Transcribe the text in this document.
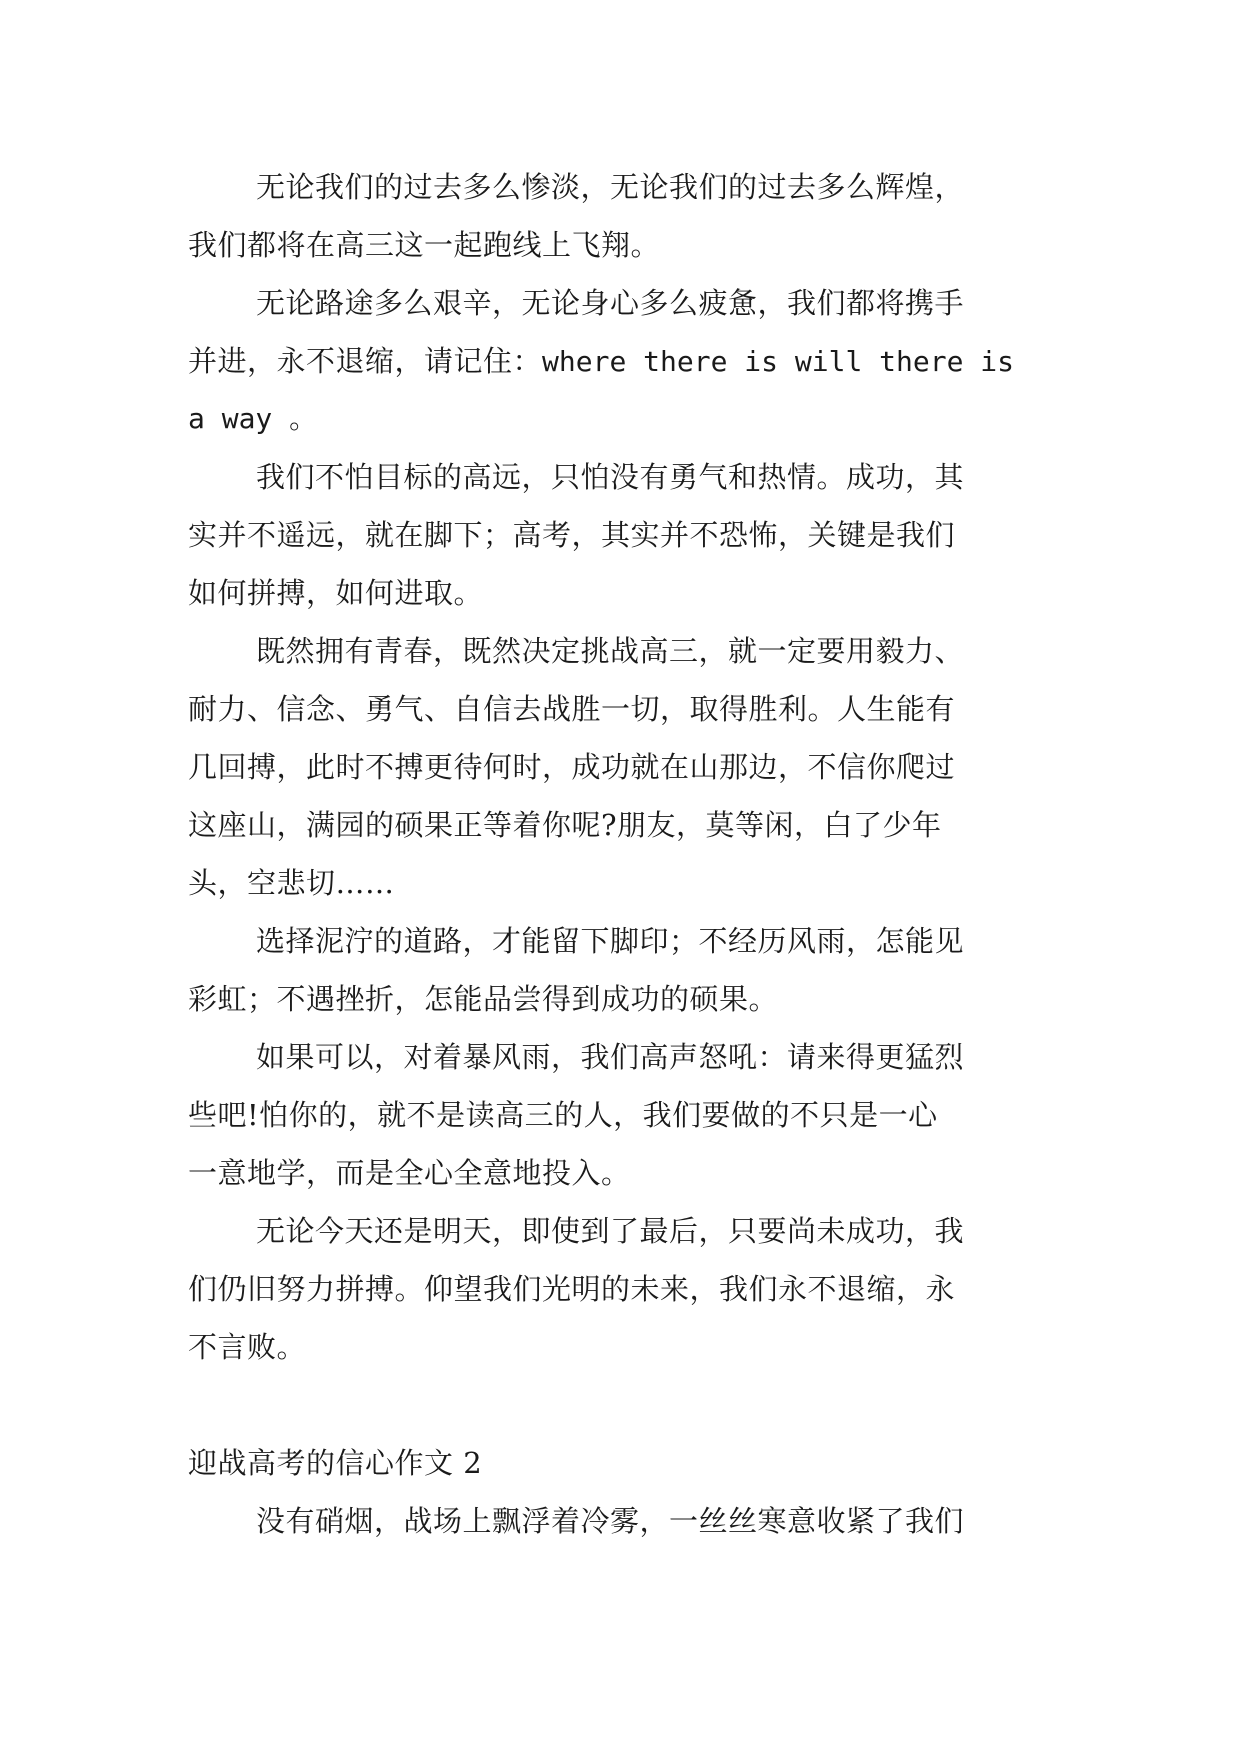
无论我们的过去多么惨淡，无论我们的过去多么辉煌，
我们都将在高三这一起跑线上飞翔。
无论路途多么艰辛，无论身心多么疲惫，我们都将携手
并进，永不退缩，请记住：where there is will there is
a way 。
我们不怕目标的高远，只怕没有勇气和热情。成功，其
实并不遥远，就在脚下；高考，其实并不恐怖，关键是我们
如何拼搏，如何进取。
既然拥有青春，既然决定挑战高三，就一定要用毅力、
耐力、信念、勇气、自信去战胜一切，取得胜利。人生能有
几回搏，此时不搏更待何时，成功就在山那边，不信你爬过
这座山，满园的硕果正等着你呢?朋友，莫等闲，白了少年
头，空悲切……
选择泥泞的道路，才能留下脚印；不经历风雨，怎能见
彩虹；不遇挫折，怎能品尝得到成功的硕果。
如果可以，对着暴风雨，我们高声怒吼：请来得更猛烈
些吧!怕你的，就不是读高三的人，我们要做的不只是一心
一意地学，而是全心全意地投入。
无论今天还是明天，即使到了最后，只要尚未成功，我
们仍旧努力拼搏。仰望我们光明的未来，我们永不退缩，永
不言败。
迎战高考的信心作文 2
没有硝烟，战场上飘浮着冷雾，一丝丝寒意收紧了我们
